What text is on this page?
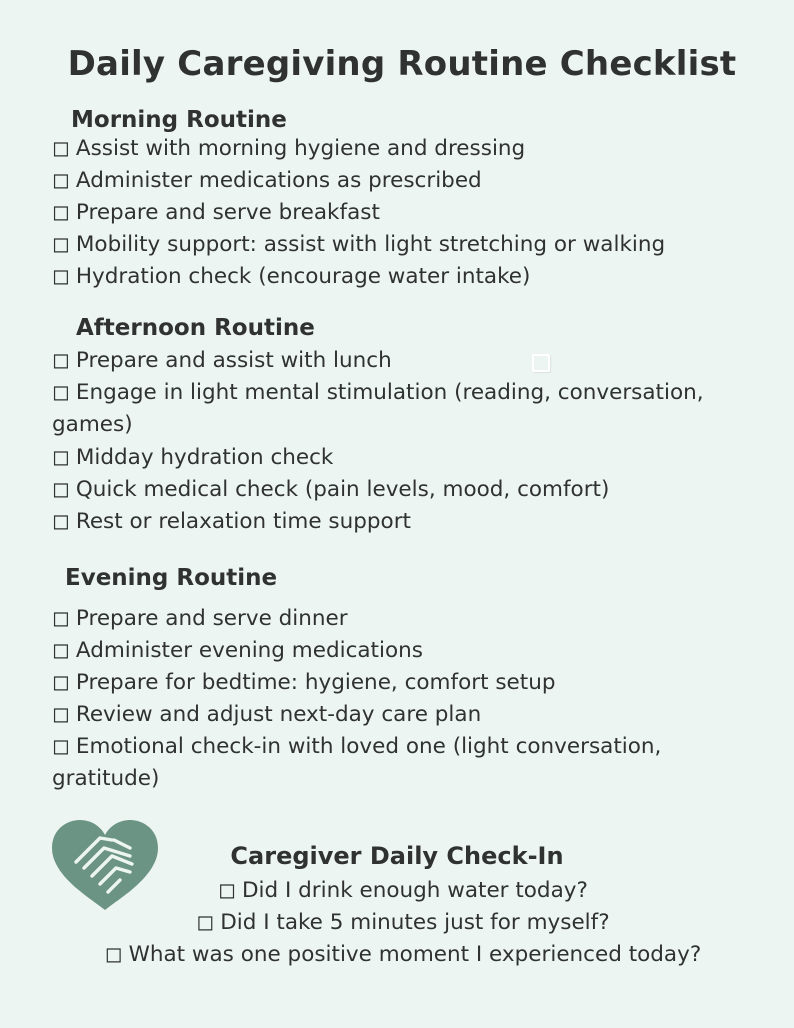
Daily Caregiving Routine Checklist
Morning Routine
◻ Assist with morning hygiene and dressing
◻ Administer medications as prescribed
◻ Prepare and serve breakfast
◻ Mobility support: assist with light stretching or walking
◻ Hydration check (encourage water intake)
Afternoon Routine
◻ Prepare and assist with lunch
◻ Engage in light mental stimulation (reading, conversation,
games)
◻ Midday hydration check
◻ Quick medical check (pain levels, mood, comfort)
◻ Rest or relaxation time support
Evening Routine
◻ Prepare and serve dinner
◻ Administer evening medications
◻ Prepare for bedtime: hygiene, comfort setup
◻ Review and adjust next-day care plan
◻ Emotional check-in with loved one (light conversation,
gratitude)
Caregiver Daily Check-In
◻ Did I drink enough water today?
◻ Did I take 5 minutes just for myself?
◻ What was one positive moment I experienced today?
